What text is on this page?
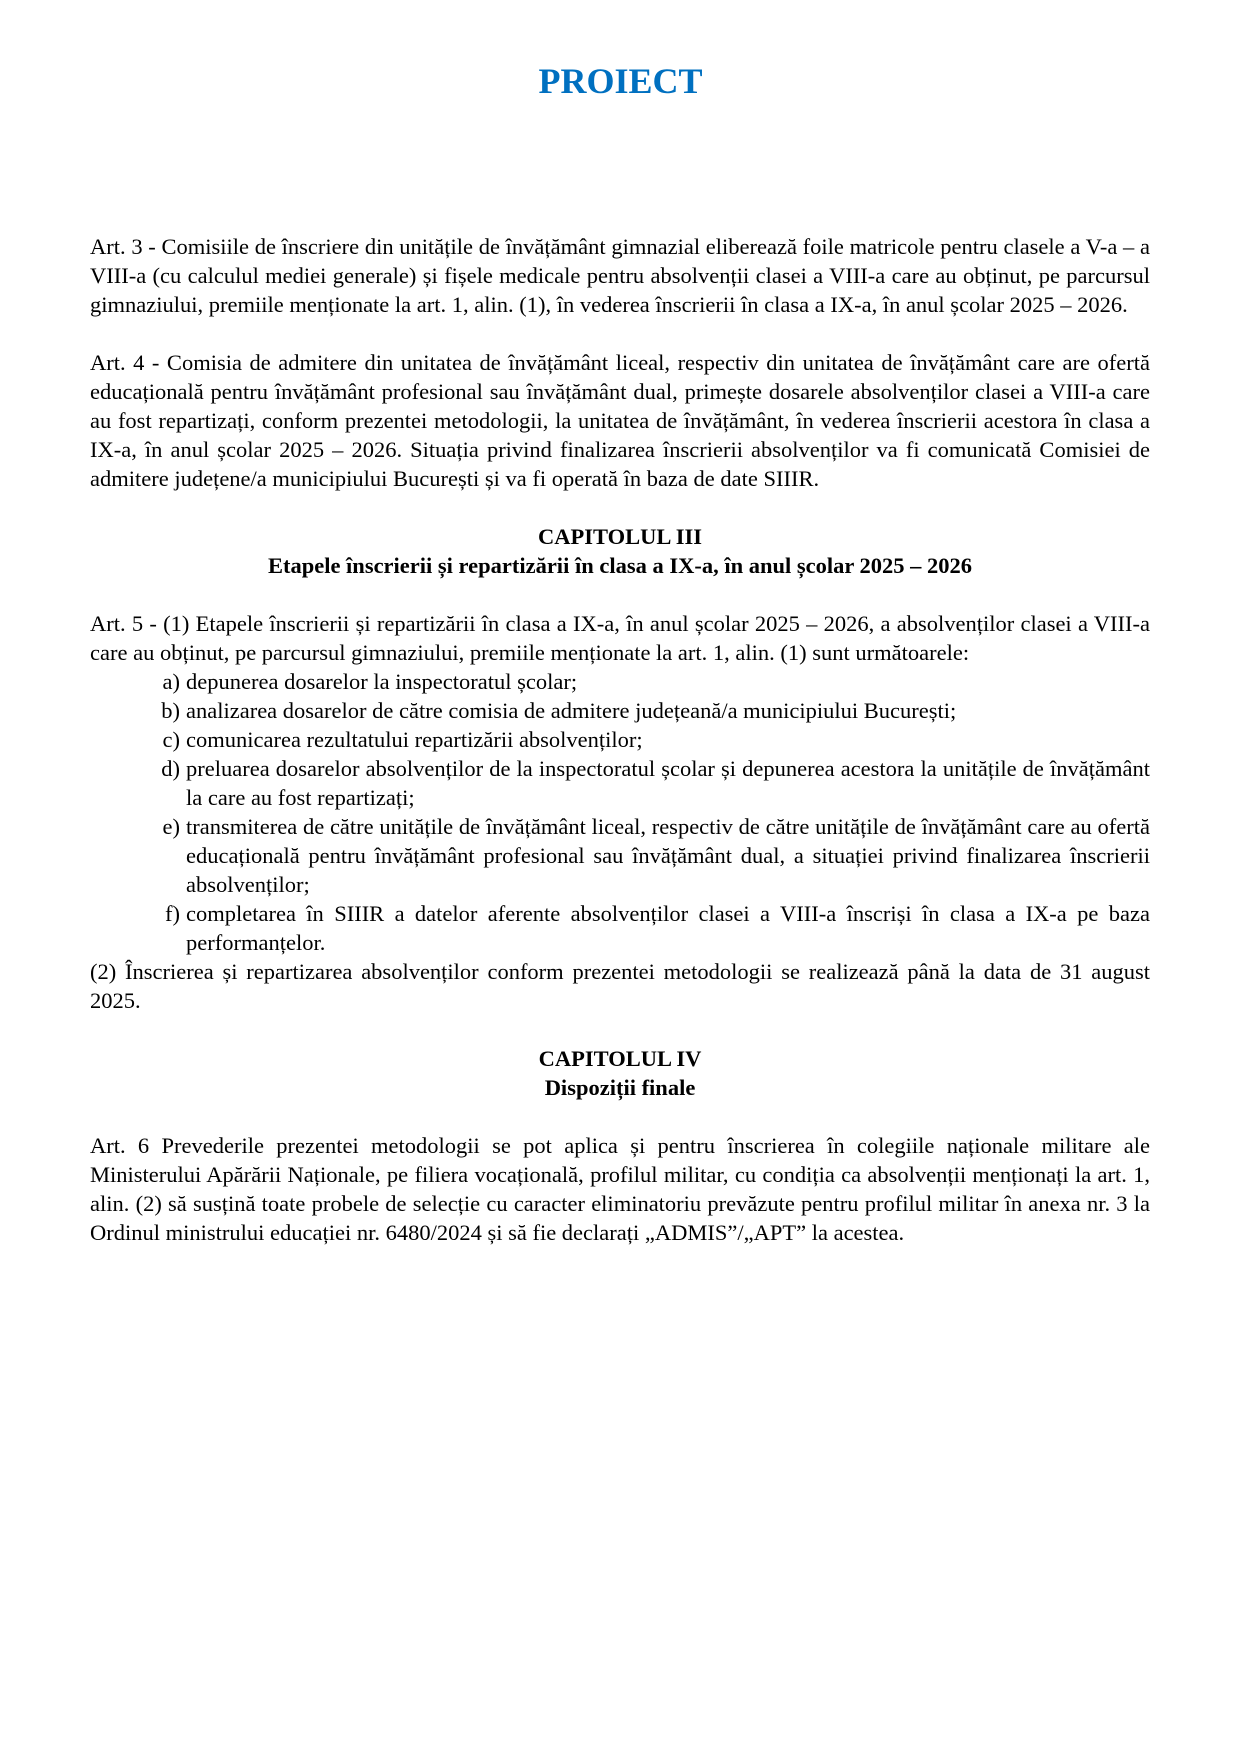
PROIECT

Art. 3 - Comisiile de înscriere din unitățile de învățământ gimnazial eliberează foile matricole pentru clasele a V-a – a VIII-a (cu calculul mediei generale) și fișele medicale pentru absolvenții clasei a VIII-a care au obținut, pe parcursul gimnaziului, premiile menționate la art. 1, alin. (1), în vederea înscrierii în clasa a IX-a, în anul școlar 2025 – 2026.

Art. 4 - Comisia de admitere din unitatea de învățământ liceal, respectiv din unitatea de învățământ care are ofertă educațională pentru învățământ profesional sau învățământ dual, primește dosarele absolvenților clasei a VIII-a care au fost repartizați, conform prezentei metodologii, la unitatea de învățământ, în vederea înscrierii acestora în clasa a IX-a, în anul școlar 2025 – 2026. Situația privind finalizarea înscrierii absolvenților va fi comunicată Comisiei de admitere județene/a municipiului București și va fi operată în baza de date SIIIR.

CAPITOLUL III
Etapele înscrierii și repartizării în clasa a IX-a, în anul școlar 2025 – 2026

Art. 5 - (1) Etapele înscrierii și repartizării în clasa a IX-a, în anul școlar 2025 – 2026, a absolvenților clasei a VIII-a care au obținut, pe parcursul gimnaziului, premiile menționate la art. 1, alin. (1) sunt următoarele:

a) depunerea dosarelor la inspectoratul școlar;
b) analizarea dosarelor de către comisia de admitere județeană/a municipiului București;
c) comunicarea rezultatului repartizării absolvenților;
d) preluarea dosarelor absolvenților de la inspectoratul școlar și depunerea acestora la unitățile de învățământ la care au fost repartizați;
e) transmiterea de către unitățile de învățământ liceal, respectiv de către unitățile de învățământ care au ofertă educațională pentru învățământ profesional sau învățământ dual, a situației privind finalizarea înscrierii absolvenților;
f) completarea în SIIIR a datelor aferente absolvenților clasei a VIII-a înscriși în clasa a IX-a pe baza performanțelor.

(2) Înscrierea și repartizarea absolvenților conform prezentei metodologii se realizează până la data de 31 august 2025.

CAPITOLUL IV
Dispoziții finale

Art. 6 Prevederile prezentei metodologii se pot aplica și pentru înscrierea în colegiile naționale militare ale Ministerului Apărării Naționale, pe filiera vocațională, profilul militar, cu condiția ca absolvenții menționați la art. 1, alin. (2) să susțină toate probele de selecție cu caracter eliminatoriu prevăzute pentru profilul militar în anexa nr. 3 la Ordinul ministrului educației nr. 6480/2024 și să fie declarați „ADMIS”/„APT” la acestea.
